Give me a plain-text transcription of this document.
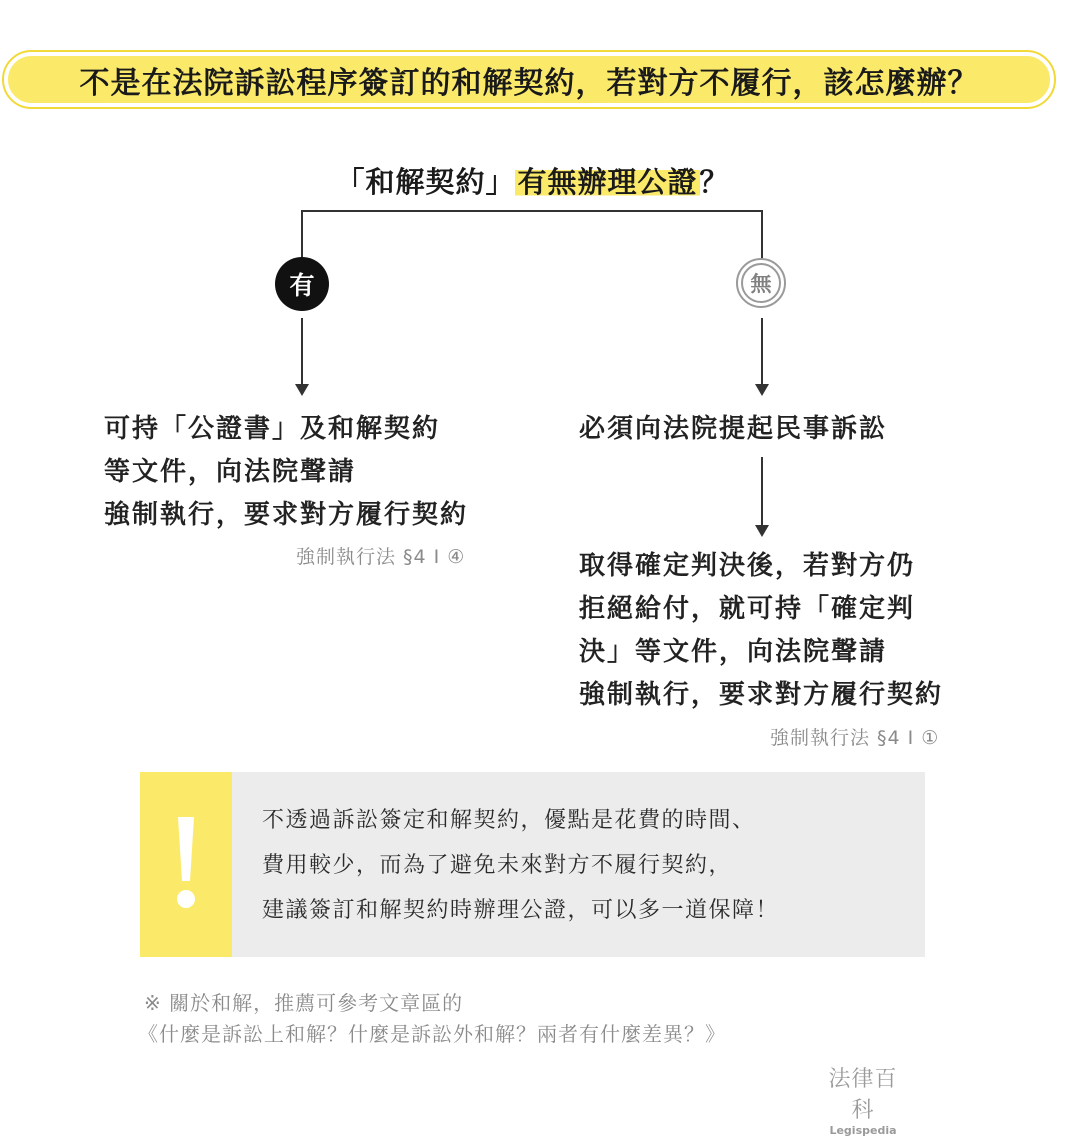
不是在法院訴訟程序簽訂的和解契約，若對方不履行，該怎麼辦？
「和解契約」有無辦理公證？
有	無
可持「公證書」及和解契約
等文件，向法院聲請
強制執行，要求對方履行契約
強制執行法 §4 I ④
必須向法院提起民事訴訟
取得確定判決後，若對方仍
拒絕給付，就可持「確定判
決」等文件，向法院聲請
強制執行，要求對方履行契約
強制執行法 §4 I ①
不透過訴訟簽定和解契約，優點是花費的時間、
費用較少，而為了避免未來對方不履行契約，
建議簽訂和解契約時辦理公證，可以多一道保障！
※ 關於和解，推薦可參考文章區的
《什麼是訴訟上和解？什麼是訴訟外和解？兩者有什麼差異？》
法律百科
Legispedia
